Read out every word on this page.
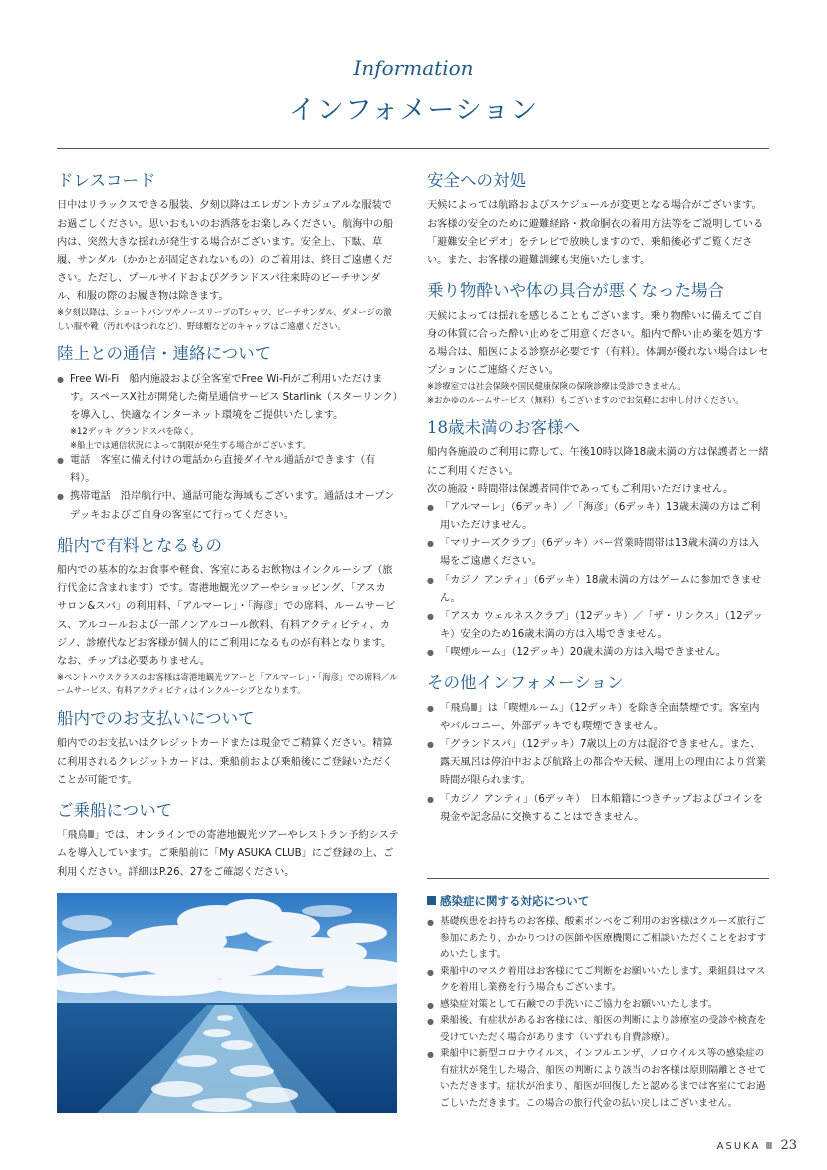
Information
インフォメーション
ドレスコード
日中はリラックスできる服装、夕刻以降はエレガントカジュアルな服装でお過ごしください。思いおもいのお洒落をお楽しみください。航海中の船内は、突然大きな揺れが発生する場合がございます。安全上、下駄、草履、サンダル（かかとが固定されないもの）のご着用は、終日ご遠慮ください。ただし、プールサイドおよびグランドスパ往来時のビーチサンダル、和服の際のお履き物は除きます。
※夕刻以降は、ショートパンツやノースリーブのTシャツ、ビーチサンダル、ダメージの激しい服や靴（汚れやほつれなど）、野球帽などのキャップはご遠慮ください。
陸上との通信・連絡について
● Free Wi-Fi　船内施設および全客室でFree Wi-Fiがご利用いただけます。スペースX社が開発した衛星通信サービス Starlink（スターリンク）を導入し、快適なインターネット環境をご提供いたします。
※12デッキ グランドスパを除く。
※船上では通信状況によって制限が発生する場合がございます。
● 電話　客室に備え付けの電話から直接ダイヤル通話ができます（有料）。
● 携帯電話　沿岸航行中、通話可能な海域もございます。通話はオープンデッキおよびご自身の客室にて行ってください。
船内で有料となるもの
船内での基本的なお食事や軽食、客室にあるお飲物はインクルーシブ（旅行代金に含まれます）です。寄港地観光ツアーやショッピング、「アスカ サロン&スパ」の利用料、「アルマーレ」・「海彦」での席料、ルームサービス、アルコールおよび一部ノンアルコール飲料、有料アクティビティ、カジノ、診療代などお客様が個人的にご利用になるものが有料となります。
なお、チップは必要ありません。
※ペントハウスクラスのお客様は寄港地観光ツアーと「アルマーレ」・「海彦」での席料／ルームサービス、有料アクティビティはインクルーシブとなります。
船内でのお支払いについて
船内でのお支払いはクレジットカードまたは現金でご精算ください。精算に利用されるクレジットカードは、乗船前および乗船後にご登録いただくことが可能です。
ご乗船について
「飛鳥Ⅲ」では、オンラインでの寄港地観光ツアーやレストラン予約システムを導入しています。ご乗船前に「My ASUKA CLUB」にご登録の上、ご利用ください。詳細はP.26、27をご確認ください。
安全への対処
天候によっては航路およびスケジュールが変更となる場合がございます。お客様の安全のために避難経路・救命胴衣の着用方法等をご説明している「避難安全ビデオ」をテレビで放映しますので、乗船後必ずご覧ください。また、お客様の避難訓練も実施いたします。
乗り物酔いや体の具合が悪くなった場合
天候によっては揺れを感じることもございます。乗り物酔いに備えてご自身の体質に合った酔い止めをご用意ください。船内で酔い止め薬を処方する場合は、船医による診察が必要です（有料）。体調が優れない場合はレセプションにご連絡ください。
※診療室では社会保険や国民健康保険の保険診療は受診できません。
※おかゆのルームサービス（無料）もございますのでお気軽にお申し付けください。
18歳未満のお客様へ
船内各施設のご利用に際して、午後10時以降18歳未満の方は保護者と一緒にご利用ください。
次の施設・時間帯は保護者同伴であってもご利用いただけません。
● 「アルマーレ」（6デッキ）／「海彦」（6デッキ）13歳未満の方はご利用いただけません。
● 「マリナーズクラブ」（6デッキ）バー営業時間帯は13歳未満の方は入場をご遠慮ください。
● 「カジノ アンティ」（6デッキ）18歳未満の方はゲームに参加できません。
● 「アスカ ウェルネスクラブ」（12デッキ）／「ザ・リンクス」（12デッキ）安全のため16歳未満の方は入場できません。
● 「喫煙ルーム」（12デッキ）20歳未満の方は入場できません。
その他インフォメーション
● 「飛鳥Ⅲ」は「喫煙ルーム」（12デッキ）を除き全面禁煙です。客室内やバルコニー、外部デッキでも喫煙できません。
● 「グランドスパ」（12デッキ）7歳以上の方は混浴できません。また、露天風呂は停泊中および航路上の都合や天候、運用上の理由により営業時間が限られます。
● 「カジノ アンティ」（6デッキ）　日本船籍につきチップおよびコインを現金や記念品に交換することはできません。
感染症に関する対応について
● 基礎疾患をお持ちのお客様、酸素ボンベをご利用のお客様はクルーズ旅行ご参加にあたり、かかりつけの医師や医療機関にご相談いただくことをおすすめいたします。
● 乗船中のマスク着用はお客様にてご判断をお願いいたします。乗組員はマスクを着用し業務を行う場合もございます。
● 感染症対策として石鹸での手洗いにご協力をお願いいたします。
● 乗船後、有症状があるお客様には、船医の判断により診療室の受診や検査を受けていただく場合があります（いずれも自費診療）。
● 乗船中に新型コロナウイルス、インフルエンザ、ノロウイルス等の感染症の有症状が発生した場合、船医の判断により該当のお客様は原則隔離とさせていただきます。症状が治まり、船医が回復したと認めるまでは客室にてお過ごしいただきます。この場合の旅行代金の払い戻しはございません。
ASUKA Ⅲ 23
